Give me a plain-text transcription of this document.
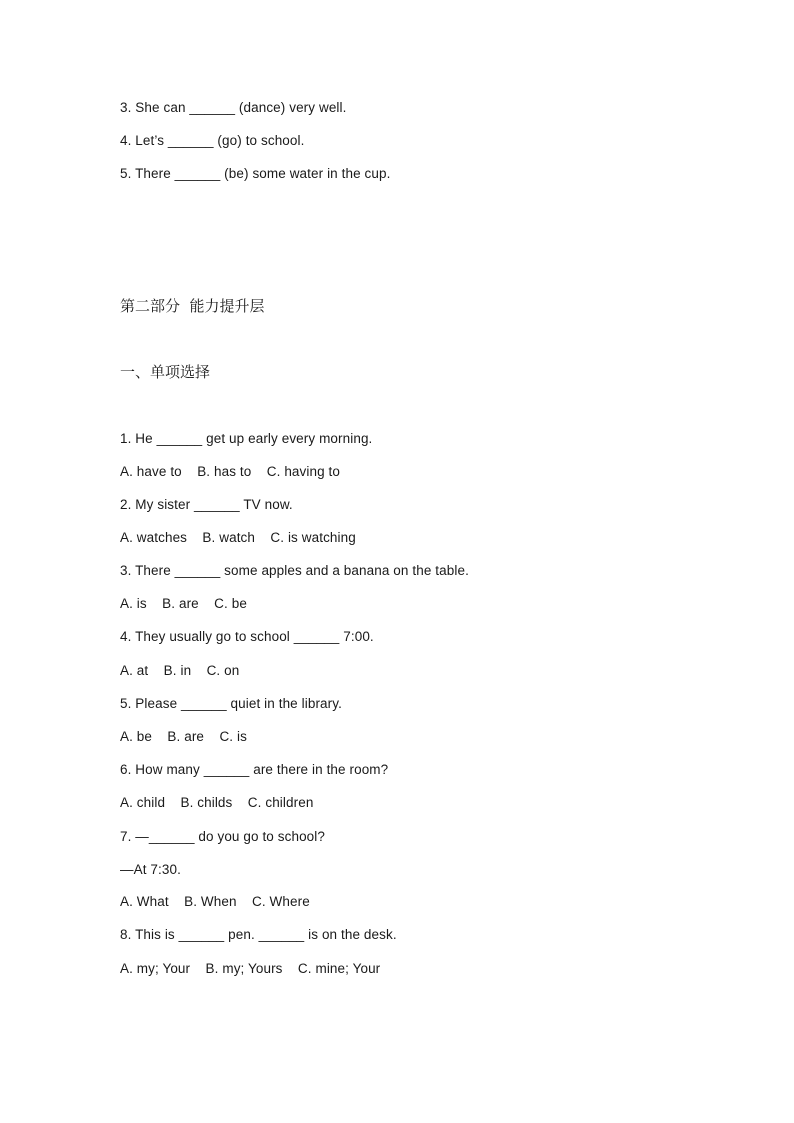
3. She can ______ (dance) very well.
4. Let’s ______ (go) to school.
5. There ______ (be) some water in the cup.
第二部分  能力提升层
一、单项选择
1. He ______ get up early every morning.
A. have to    B. has to    C. having to
2. My sister ______ TV now.
A. watches    B. watch    C. is watching
3. There ______ some apples and a banana on the table.
A. is    B. are    C. be
4. They usually go to school ______ 7:00.
A. at    B. in    C. on
5. Please ______ quiet in the library.
A. be    B. are    C. is
6. How many ______ are there in the room?
A. child    B. childs    C. children
7. —______ do you go to school?
—At 7:30.
A. What    B. When    C. Where
8. This is ______ pen. ______ is on the desk.
A. my; Your    B. my; Yours    C. mine; Your
